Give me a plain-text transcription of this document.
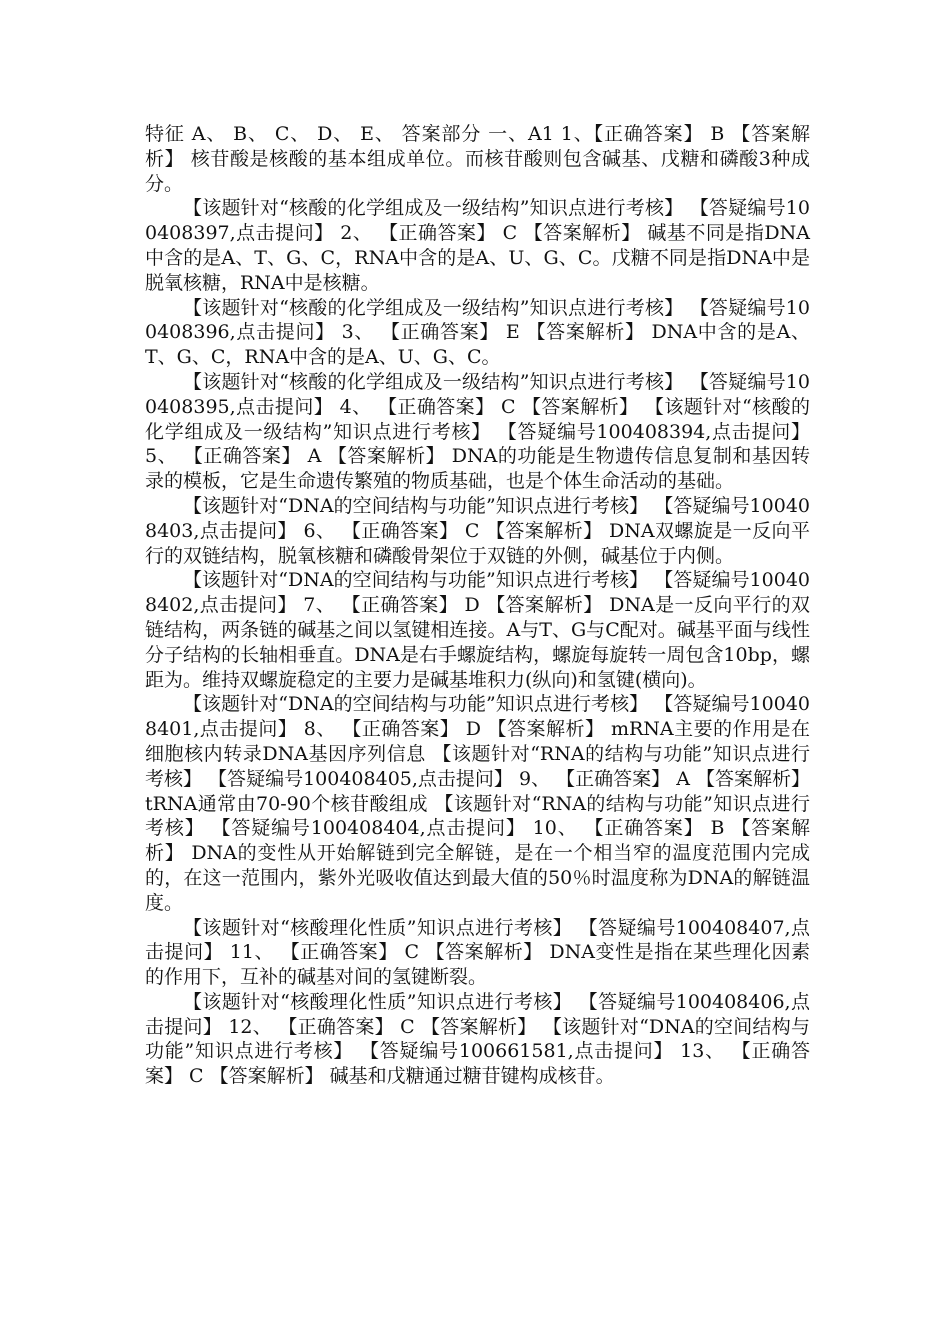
特征 A、 B、 C、 D、 E、 答案部分 一、A1 1、【正确答案】 B 【答案解析】 核苷酸是核酸的基本组成单位。而核苷酸则包含碱基、戊糖和磷酸3种成分。

【该题针对“核酸的化学组成及一级结构”知识点进行考核】 【答疑编号100408397,点击提问】 2、 【正确答案】 C 【答案解析】 碱基不同是指DNA中含的是A、T、G、C，RNA中含的是A、U、G、C。戊糖不同是指DNA中是脱氧核糖，RNA中是核糖。

【该题针对“核酸的化学组成及一级结构”知识点进行考核】 【答疑编号100408396,点击提问】 3、 【正确答案】 E 【答案解析】 DNA中含的是A、T、G、C，RNA中含的是A、U、G、C。

【该题针对“核酸的化学组成及一级结构”知识点进行考核】 【答疑编号100408395,点击提问】 4、 【正确答案】 C 【答案解析】 【该题针对“核酸的化学组成及一级结构”知识点进行考核】 【答疑编号100408394,点击提问】 5、 【正确答案】 A 【答案解析】 DNA的功能是生物遗传信息复制和基因转录的模板，它是生命遗传繁殖的物质基础，也是个体生命活动的基础。

【该题针对“DNA的空间结构与功能”知识点进行考核】 【答疑编号100408403,点击提问】 6、 【正确答案】 C 【答案解析】 DNA双螺旋是一反向平行的双链结构，脱氧核糖和磷酸骨架位于双链的外侧，碱基位于内侧。

【该题针对“DNA的空间结构与功能”知识点进行考核】 【答疑编号100408402,点击提问】 7、 【正确答案】 D 【答案解析】 DNA是一反向平行的双链结构，两条链的碱基之间以氢键相连接。A与T、G与C配对。碱基平面与线性分子结构的长轴相垂直。DNA是右手螺旋结构，螺旋每旋转一周包含10bp，螺距为。维持双螺旋稳定的主要力是碱基堆积力(纵向)和氢键(横向)。

【该题针对“DNA的空间结构与功能”知识点进行考核】 【答疑编号100408401,点击提问】 8、 【正确答案】 D 【答案解析】 mRNA主要的作用是在细胞核内转录DNA基因序列信息 【该题针对“RNA的结构与功能”知识点进行考核】 【答疑编号100408405,点击提问】 9、 【正确答案】 A 【答案解析】 tRNA通常由70-90个核苷酸组成 【该题针对“RNA的结构与功能”知识点进行考核】 【答疑编号100408404,点击提问】 10、 【正确答案】 B 【答案解析】 DNA的变性从开始解链到完全解链，是在一个相当窄的温度范围内完成的，在这一范围内，紫外光吸收值达到最大值的50％时温度称为DNA的解链温度。

【该题针对“核酸理化性质”知识点进行考核】 【答疑编号100408407,点击提问】 11、 【正确答案】 C 【答案解析】 DNA变性是指在某些理化因素的作用下，互补的碱基对间的氢键断裂。

【该题针对“核酸理化性质”知识点进行考核】 【答疑编号100408406,点击提问】 12、 【正确答案】 C 【答案解析】 【该题针对“DNA的空间结构与功能”知识点进行考核】 【答疑编号100661581,点击提问】 13、 【正确答案】 C 【答案解析】 碱基和戊糖通过糖苷键构成核苷。
